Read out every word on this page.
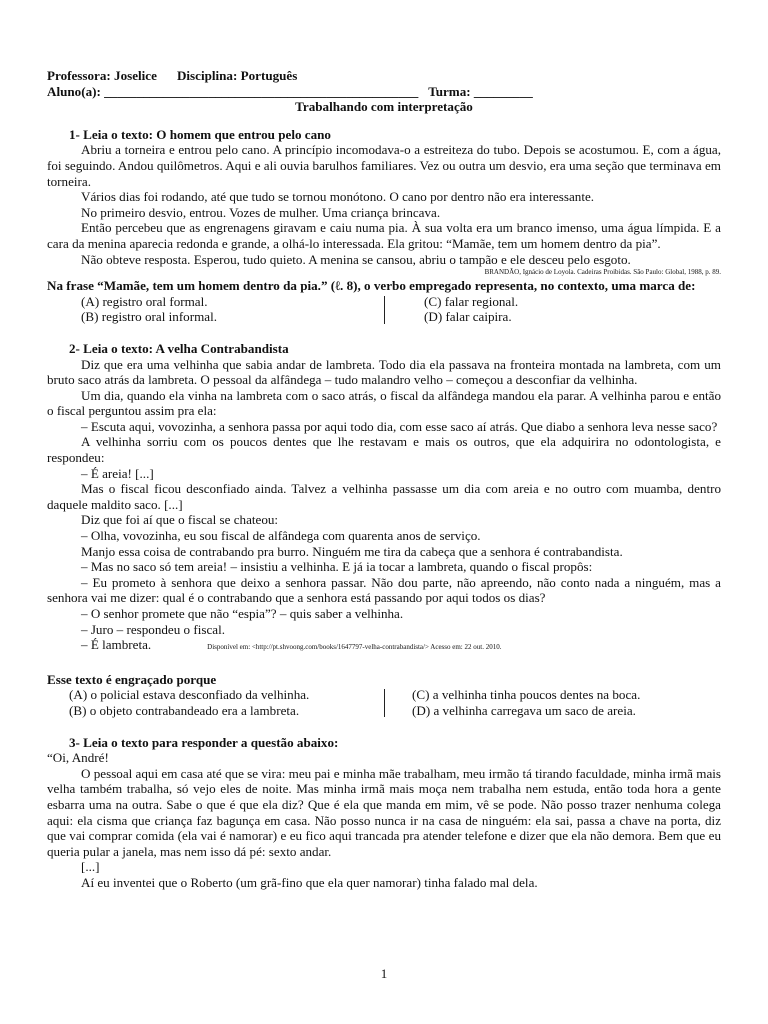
Professora: Joselice Disciplina: Português

Aluno(a): ________________________________________________ Turma: _________

Trabalhando com interpretação

1- Leia o texto: O homem que entrou pelo cano

Abriu a torneira e entrou pelo cano. A princípio incomodava-o a estreiteza do tubo. Depois se acostumou. E, com a água, foi seguindo. Andou quilômetros. Aqui e ali ouvia barulhos familiares. Vez ou outra um desvio, era uma seção que terminava em torneira.

Vários dias foi rodando, até que tudo se tornou monótono. O cano por dentro não era interessante.

No primeiro desvio, entrou. Vozes de mulher. Uma criança brincava.

Então percebeu que as engrenagens giravam e caiu numa pia. À sua volta era um branco imenso, uma água límpida. E a cara da menina aparecia redonda e grande, a olhá-lo interessada. Ela gritou: “Mamãe, tem um homem dentro da pia”.

Não obteve resposta. Esperou, tudo quieto. A menina se cansou, abriu o tampão e ele desceu pelo esgoto.

BRANDÃO, Ignácio de Loyola. Cadeiras Proibidas. São Paulo: Global, 1988, p. 89.

Na frase “Mamãe, tem um homem dentro da pia.” (ℓ. 8), o verbo empregado representa, no contexto, uma marca de:

(A) registro oral formal.

(B) registro oral informal.

(C) falar regional.

(D) falar caipira.

2- Leia o texto: A velha Contrabandista

Diz que era uma velhinha que sabia andar de lambreta. Todo dia ela passava na fronteira montada na lambreta, com um bruto saco atrás da lambreta. O pessoal da alfândega – tudo malandro velho – começou a desconfiar da velhinha.

Um dia, quando ela vinha na lambreta com o saco atrás, o fiscal da alfândega mandou ela parar. A velhinha parou e então o fiscal perguntou assim pra ela:

– Escuta aqui, vovozinha, a senhora passa por aqui todo dia, com esse saco aí atrás. Que diabo a senhora leva nesse saco?

A velhinha sorriu com os poucos dentes que lhe restavam e mais os outros, que ela adquirira no odontologista, e respondeu:

– É areia! [...]

Mas o fiscal ficou desconfiado ainda. Talvez a velhinha passasse um dia com areia e no outro com muamba, dentro daquele maldito saco. [...]

Diz que foi aí que o fiscal se chateou:

– Olha, vovozinha, eu sou fiscal de alfândega com quarenta anos de serviço.

Manjo essa coisa de contrabando pra burro. Ninguém me tira da cabeça que a senhora é contrabandista.

– Mas no saco só tem areia! – insistiu a velhinha. E já ia tocar a lambreta, quando o fiscal propôs:

– Eu prometo à senhora que deixo a senhora passar. Não dou parte, não apreendo, não conto nada a ninguém, mas a senhora vai me dizer: qual é o contrabando que a senhora está passando por aqui todos os dias?

– O senhor promete que não “espia”? – quis saber a velhinha.

– Juro – respondeu o fiscal.

– É lambreta.	Disponível em: <http://pt.shvoong.com/books/1647797-velha-contrabandista/> Acesso em: 22 out. 2010.

Esse texto é engraçado porque

(A) o policial estava desconfiado da velhinha.

(B) o objeto contrabandeado era a lambreta.

(C) a velhinha tinha poucos dentes na boca.

(D) a velhinha carregava um saco de areia.

3- Leia o texto para responder a questão abaixo:

“Oi, André!

O pessoal aqui em casa até que se vira: meu pai e minha mãe trabalham, meu irmão tá tirando faculdade, minha irmã mais velha também trabalha, só vejo eles de noite. Mas minha irmã mais moça nem trabalha nem estuda, então toda hora a gente esbarra uma na outra. Sabe o que é que ela diz? Que é ela que manda em mim, vê se pode. Não posso trazer nenhuma colega aqui: ela cisma que criança faz bagunça em casa. Não posso nunca ir na casa de ninguém: ela sai, passa a chave na porta, diz que vai comprar comida (ela vai é namorar) e eu fico aqui trancada pra atender telefone e dizer que ela não demora. Bem que eu queria pular a janela, mas nem isso dá pé: sexto andar.

[...]

Aí eu inventei que o Roberto (um grã-fino que ela quer namorar) tinha falado mal dela.

1
